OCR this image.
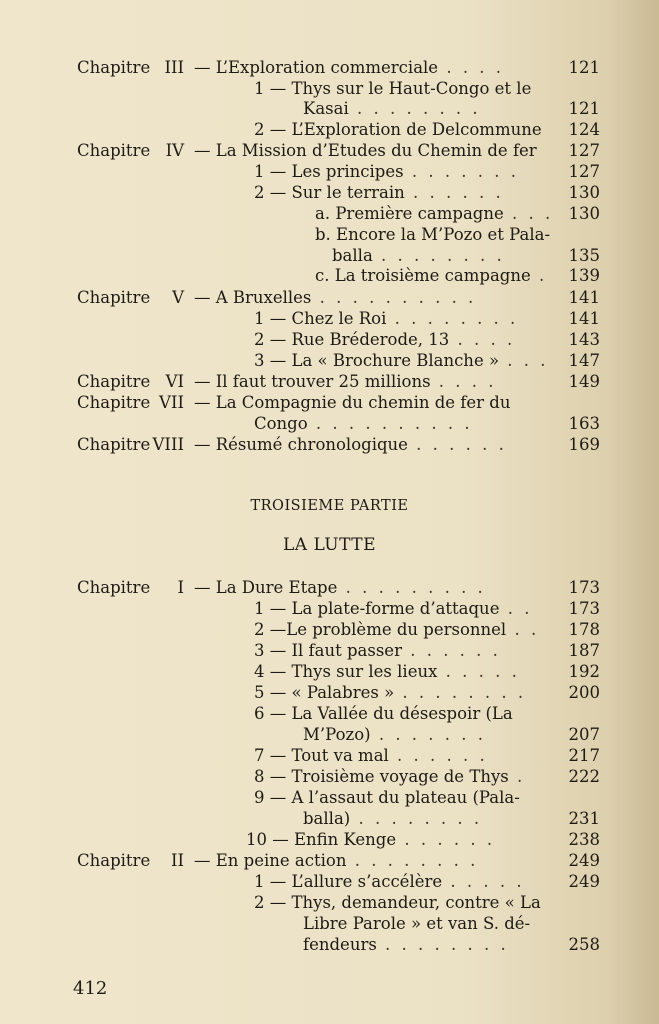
Chapitre III — L’Exploration commerciale . . . .	121
1 — Thys sur le Haut-Congo et le
Kasai . . . . . . . .	121
2 — L’Exploration de Delcommune 124
Chapitre IV — La Mission d’Etudes du Chemin de fer 127
1 — Les principes . . . . . . .	127
2 — Sur le terrain . . . . . .	130
a. Première campagne . . . 130
b. Encore la M’Pozo et Pala-
balla . . . . . . . .	135
c. La troisième campagne . 139
Chapitre V — A Bruxelles . . . . . . . . . .	141
1 — Chez le Roi . . . . . . . .	141
2 — Rue Bréderode, 13 . . . .	143
3 — La « Brochure Blanche » . . . 147
Chapitre VI — Il faut trouver 25 millions . . . .	149
Chapitre VII — La Compagnie du chemin de fer du
Congo . . . . . . . . . .	163
Chapitre VIII — Résumé chronologique . . . . . .	169
Chapitre I — La Dure Etape . . . . . . . . .	173
1 — La plate-forme d’attaque . . 173
2 —Le problème du personnel . . 178
3 — Il faut passer . . . . . .	187
4 — Thys sur les lieux . . . . .	192
5 — « Palabres » . . . . . . . .	200
6 — La Vallée du désespoir (La
M’Pozo) . . . . . . .	207
7 — Tout va mal . . . . . .	217
8 — Troisième voyage de Thys .	222
9 — A l’assaut du plateau (Pala-
balla) . . . . . . . .	231
10 — Enfin Kenge . . . . . .	238
Chapitre II — En peine action . . . . . . . .	249
1 — L’allure s’accélère . . . . .	249
2 — Thys, demandeur, contre « La
Libre Parole » et van S. dé-
fendeurs . . . . . . . .	258
TROISIEME PARTIE
LA LUTTE
412
